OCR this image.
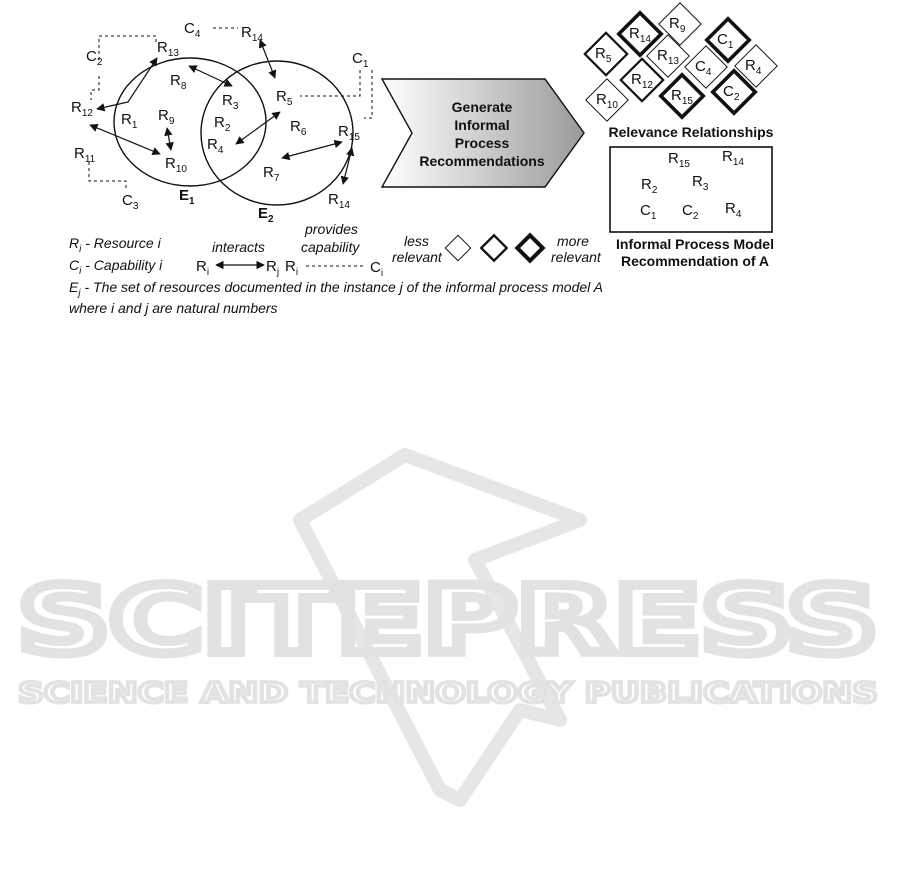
SCITEPRESS
SCIENCE AND TECHNOLOGY PUBLICATIONS
$C_4$	$R_{14}$
$C_2$
$R_{13}$	$C_1$
$R_8$
$R_3$
$R_5$
$R_{12}$	$R_9$
$R_1$	$R_2$	$R_6$ $R_{15}$
$R_4$
$R_{11}$	$R_{10}$	$R_7$
$R_{14}$
$C_3$
$E_1$
$E_2$
Generate
Informal
Process
Recommendations
$R_{14}$
$R_9$
$C_1$
$R_5$	$R_{13}$ $C_4$ $R_4$
$R_{12}$	$C_2$
$R_{10}$
$R_{15}$
Relevance Relationships
$R_{15}$ $R_{14}$
$R_2$
$R_3$
$C_1$ $C_2$ $R_4$
Informal Process Model
Recommendation of A
$R_i$ - Resource i
$C_i$ - Capability i
$E_j$ - The set of resources documented in the instance j of the informal process model A
where i and j are natural numbers
interacts
$R_i$	$R_j$
provides
capability
$R_i$	$C_i$
less
relevant
more
relevant
